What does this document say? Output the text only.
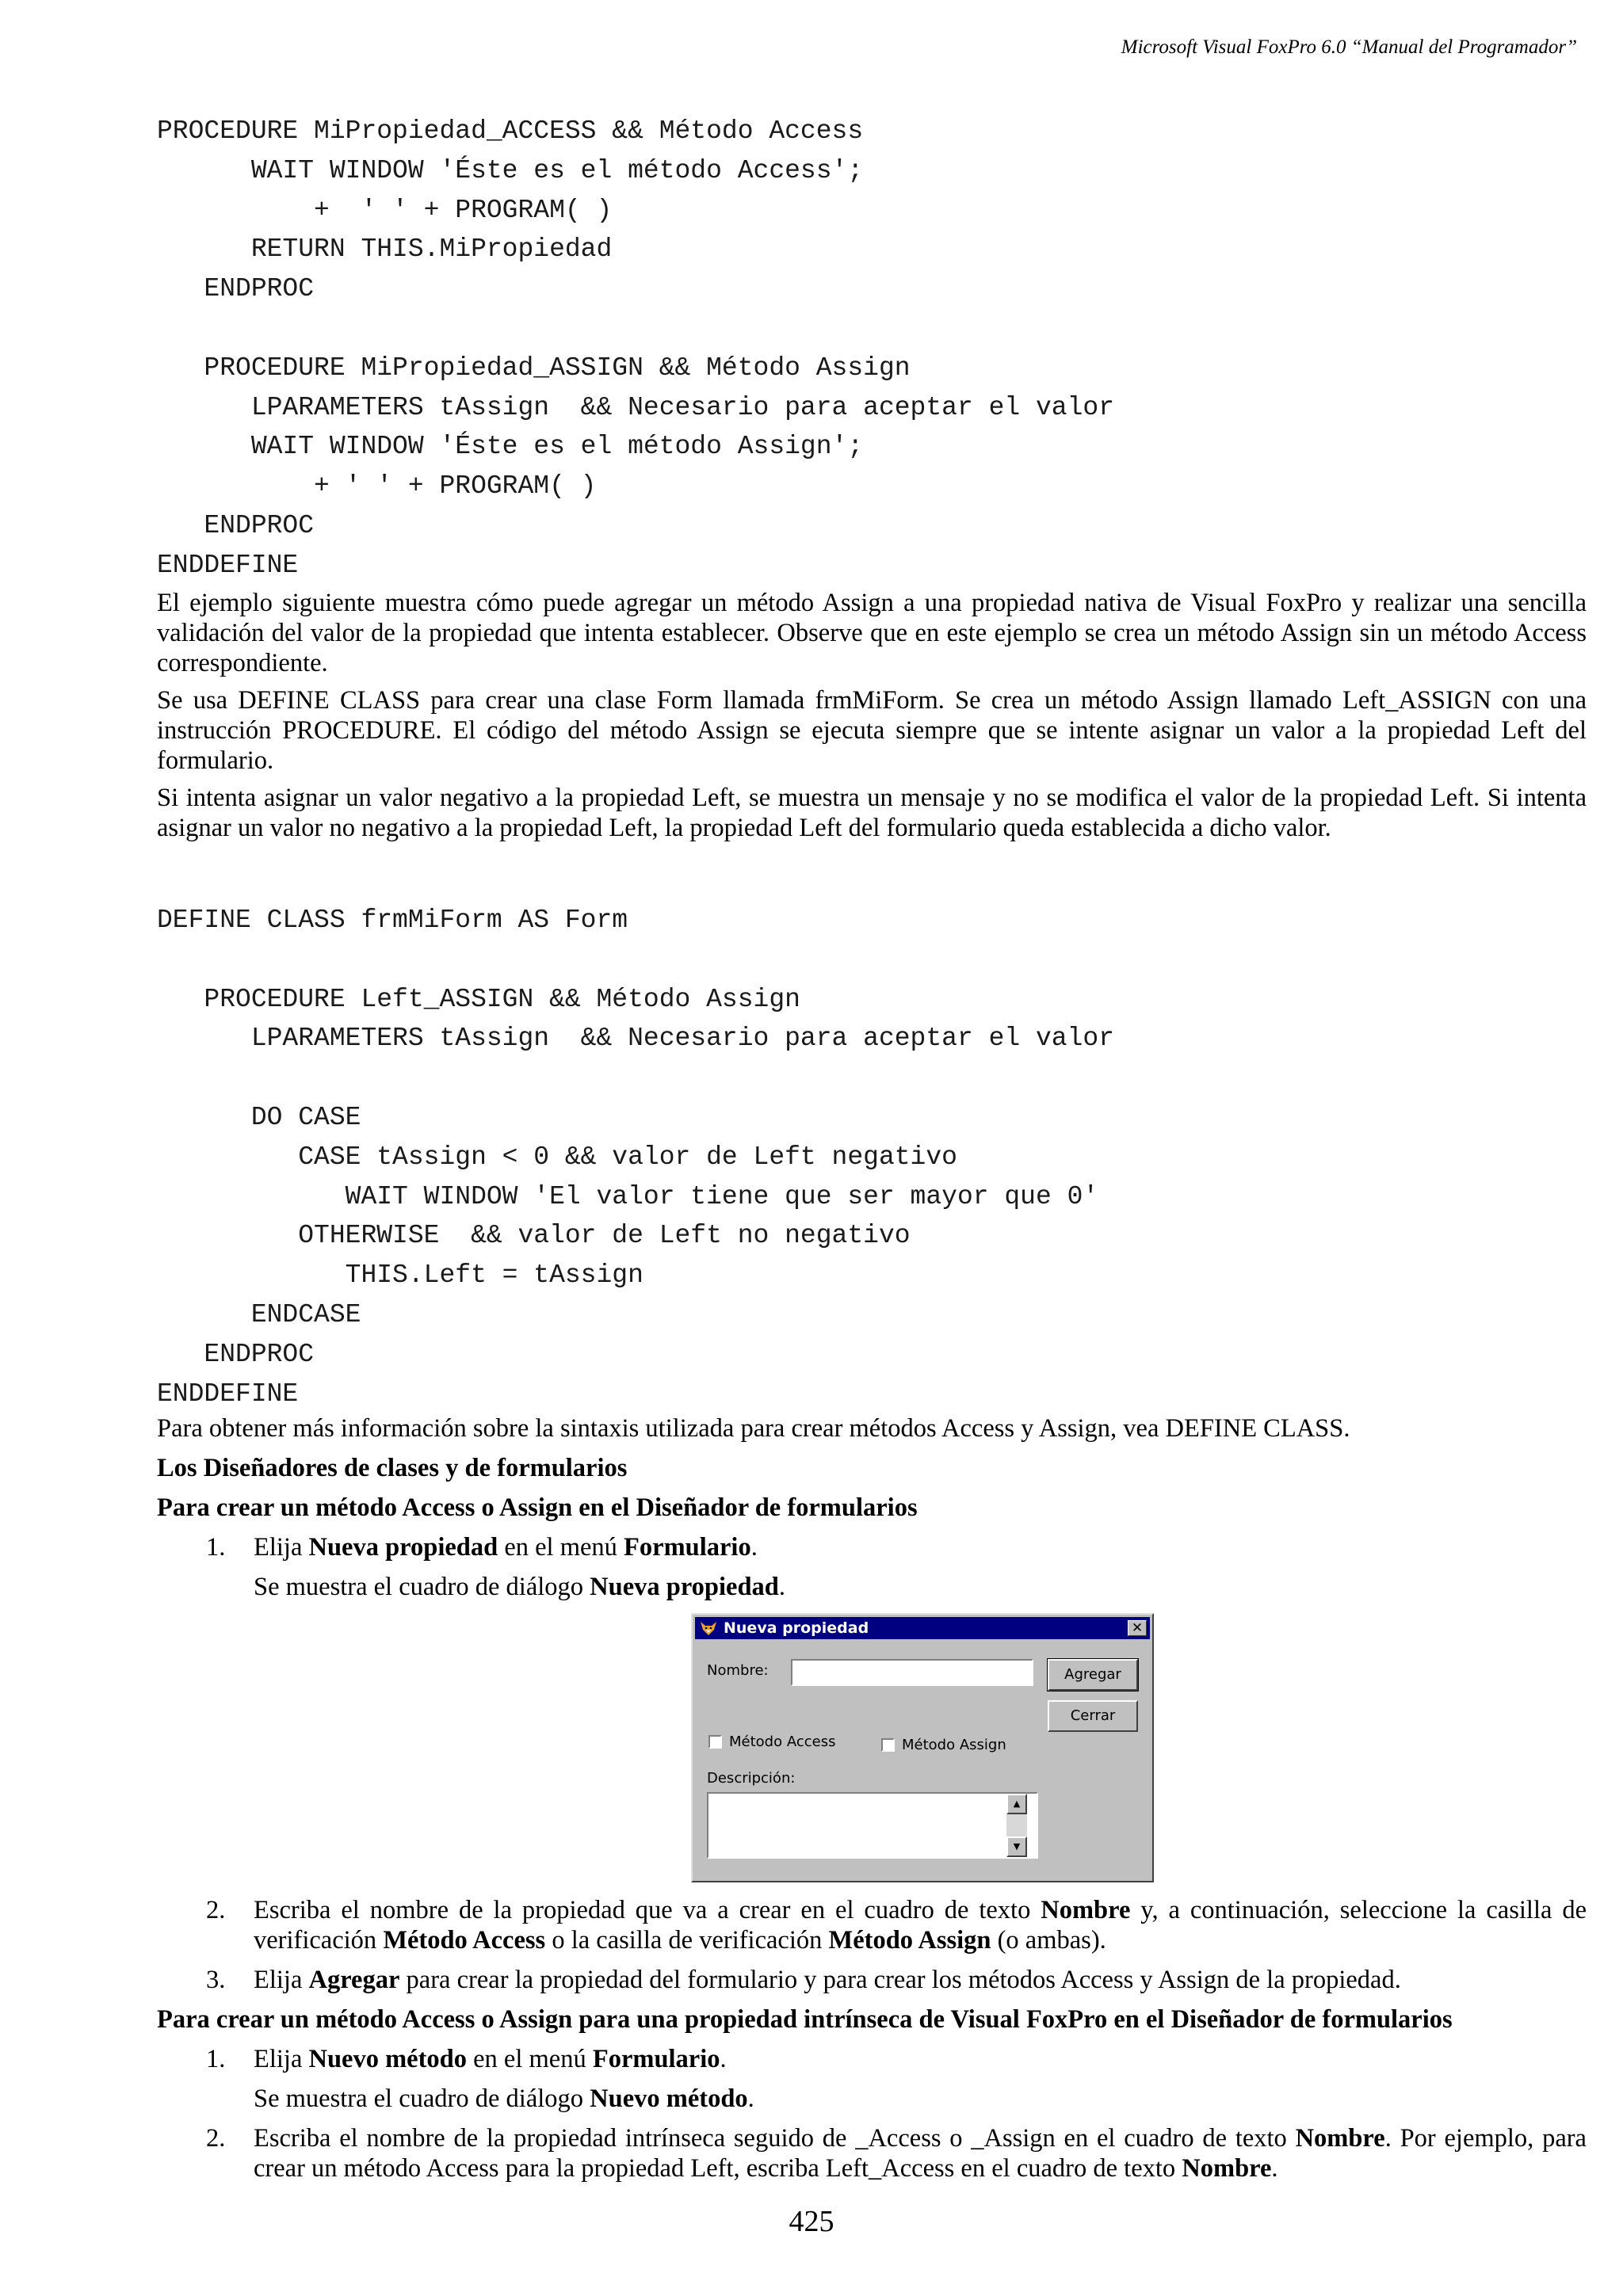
Microsoft Visual FoxPro 6.0 “Manual del Programador”
PROCEDURE MiPropiedad_ACCESS && Método Access
WAIT WINDOW 'Éste es el método Access';
+  ' ' + PROGRAM( )
RETURN THIS.MiPropiedad
ENDPROC

PROCEDURE MiPropiedad_ASSIGN && Método Assign
LPARAMETERS tAssign  && Necesario para aceptar el valor
WAIT WINDOW 'Éste es el método Assign';
+ ' ' + PROGRAM( )
ENDPROC
ENDDEFINE

El ejemplo siguiente muestra cómo puede agregar un método Assign a una propiedad nativa de Visual FoxPro y realizar una sencilla validación del valor de la propiedad que intenta establecer. Observe que en este ejemplo se crea un método Assign sin un método Access correspondiente.

Se usa DEFINE CLASS para crear una clase Form llamada frmMiForm. Se crea un método Assign llamado Left_ASSIGN con una instrucción PROCEDURE. El código del método Assign se ejecuta siempre que se intente asignar un valor a la propiedad Left del formulario.

Si intenta asignar un valor negativo a la propiedad Left, se muestra un mensaje y no se modifica el valor de la propiedad Left. Si intenta asignar un valor no negativo a la propiedad Left, la propiedad Left del formulario queda establecida a dicho valor.

DEFINE CLASS frmMiForm AS Form

PROCEDURE Left_ASSIGN && Método Assign
LPARAMETERS tAssign  && Necesario para aceptar el valor

DO CASE
CASE tAssign < 0 && valor de Left negativo
WAIT WINDOW 'El valor tiene que ser mayor que 0'
OTHERWISE  && valor de Left no negativo
THIS.Left = tAssign
ENDCASE
ENDPROC
ENDDEFINE
Para obtener más información sobre la sintaxis utilizada para crear métodos Access y Assign, vea DEFINE CLASS.
Los Diseñadores de clases y de formularios
Para crear un método Access o Assign en el Diseñador de formularios
1. Elija Nueva propiedad en el menú Formulario.
Se muestra el cuadro de diálogo Nueva propiedad.
Nueva propiedad	✕
Nombre:	Agregar
Cerrar
Método Access	Método Assign
Descripción:
▲
▼
2. Escriba el nombre de la propiedad que va a crear en el cuadro de texto Nombre y, a continuación, seleccione la casilla de verificación Método Access o la casilla de verificación Método Assign (o ambas).
3. Elija Agregar para crear la propiedad del formulario y para crear los métodos Access y Assign de la propiedad.
Para crear un método Access o Assign para una propiedad intrínseca de Visual FoxPro en el Diseñador de formularios
1. Elija Nuevo método en el menú Formulario.
Se muestra el cuadro de diálogo Nuevo método.
2. Escriba el nombre de la propiedad intrínseca seguido de _Access o _Assign en el cuadro de texto Nombre. Por ejemplo, para crear un método Access para la propiedad Left, escriba Left_Access en el cuadro de texto Nombre.
425
